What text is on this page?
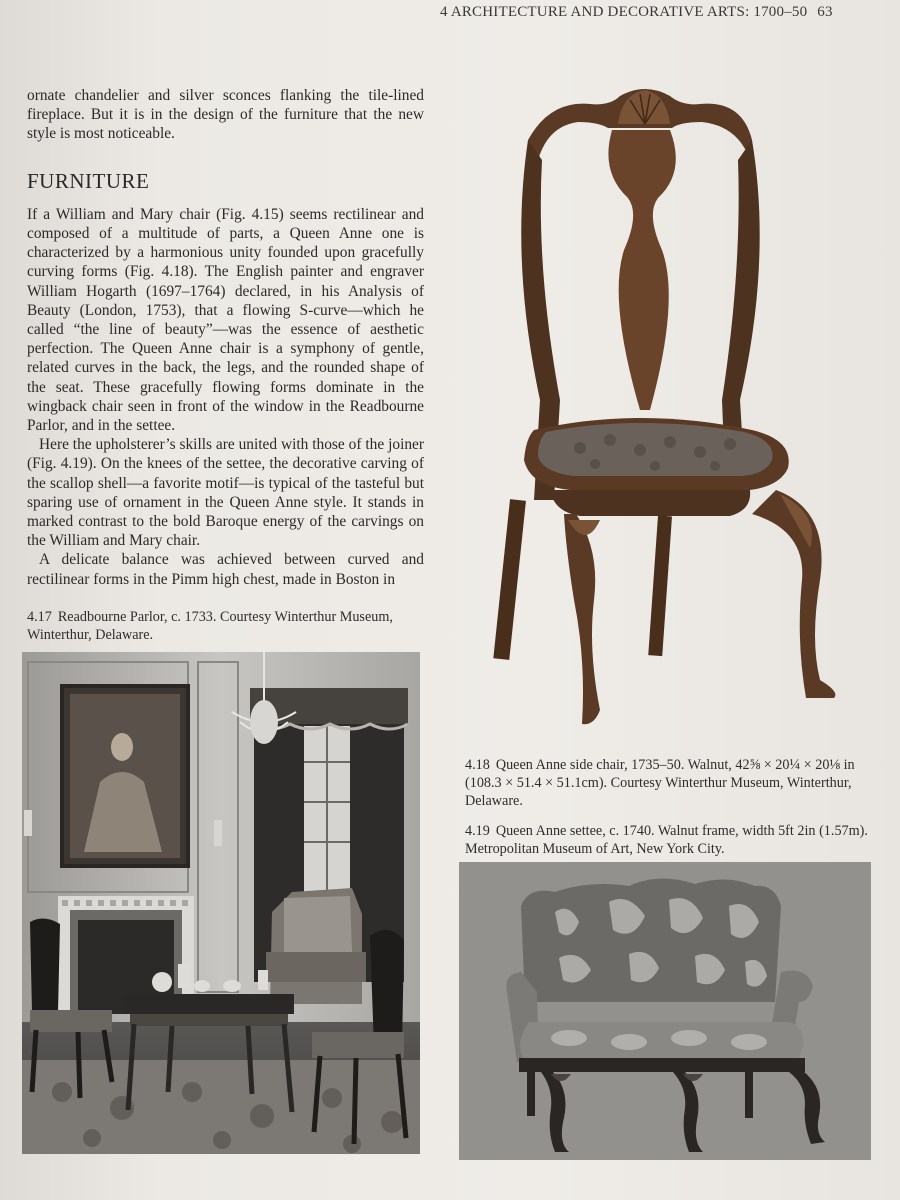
4 ARCHITECTURE AND DECORATIVE ARTS: 1700–50 63

ornate chandelier and silver sconces flanking the tile-lined fireplace. But it is in the design of the furniture that the new style is most noticeable.

FURNITURE

If a William and Mary chair (Fig. 4.15) seems rectilinear and composed of a multitude of parts, a Queen Anne one is characterized by a harmonious unity founded upon gracefully curving forms (Fig. 4.18). The English painter and engraver William Hogarth (1697–1764) declared, in his Analysis of Beauty (London, 1753), that a flowing S-curve—which he called “the line of beauty”—was the essence of aesthetic perfection. The Queen Anne chair is a symphony of gentle, related curves in the back, the legs, and the rounded shape of the seat. These gracefully flowing forms dominate in the wingback chair seen in front of the window in the Readbourne Parlor, and in the settee.

Here the upholsterer’s skills are united with those of the joiner (Fig. 4.19). On the knees of the settee, the decorative carving of the scallop shell—a favorite motif—is typical of the tasteful but sparing use of ornament in the Queen Anne style. It stands in marked contrast to the bold Baroque energy of the carvings on the William and Mary chair.

A delicate balance was achieved between curved and rectilinear forms in the Pimm high chest, made in Boston in

4.17 Readbourne Parlor, c. 1733. Courtesy Winterthur Museum, Winterthur, Delaware.
4.18 Queen Anne side chair, 1735–50. Walnut, 42⅝ × 20¼ × 20⅛ in (108.3 × 51.4 × 51.1cm). Courtesy Winterthur Museum, Winterthur, Delaware.
4.19 Queen Anne settee, c. 1740. Walnut frame, width 5ft 2in (1.57m). Metropolitan Museum of Art, New York City.
